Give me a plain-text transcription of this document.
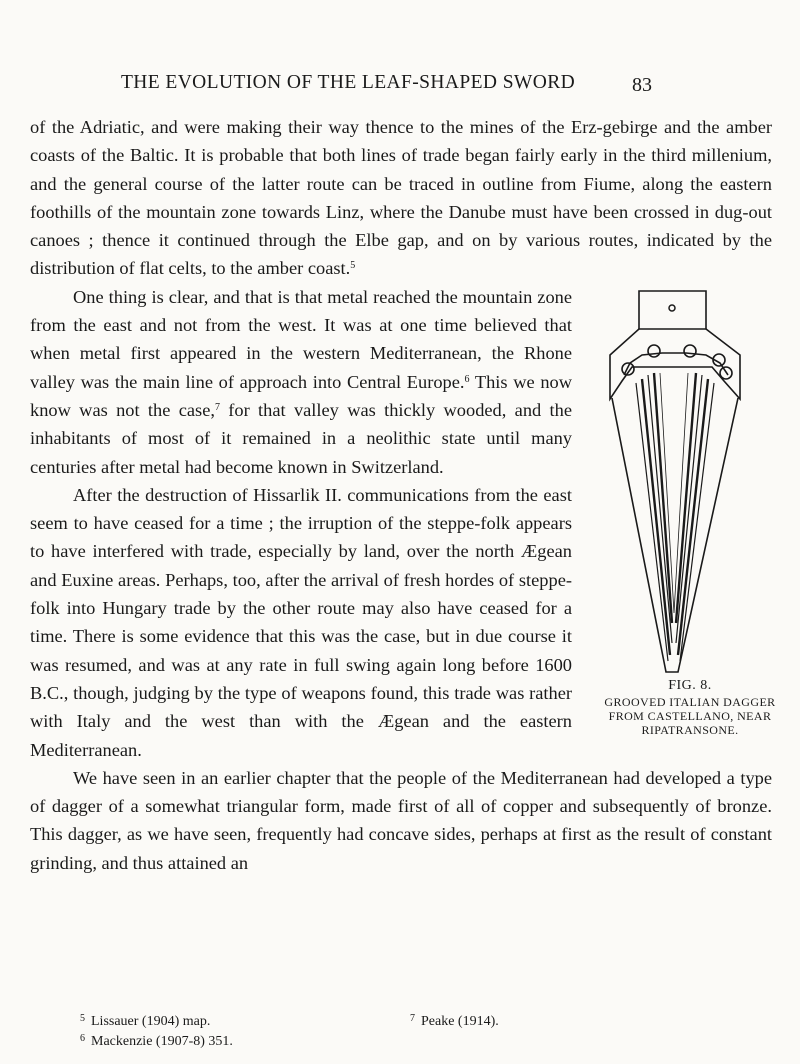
THE EVOLUTION OF THE LEAF-SHAPED SWORD	83

of the Adriatic, and were making their way thence to the mines of the Erz-gebirge and the amber coasts of the Baltic. It is probable that both lines of trade began fairly early in the third millenium, and the general course of the latter route can be traced in outline from Fiume, along the eastern foothills of the mountain zone towards Linz, where the Danube must have been crossed in dug-out canoes ; thence it continued through the Elbe gap, and on by various routes, indicated by the distribution of flat celts, to the amber coast.$^5$

FIG. 8.
GROOVED ITALIAN DAGGER FROM CASTELLANO, NEAR RIPATRANSONE.

One thing is clear, and that is that metal reached the mountain zone from the east and not from the west. It was at one time believed that when metal first appeared in the western Mediterranean, the Rhone valley was the main line of approach into Central Europe.$^6$ This we now know was not the case,$^7$ for that valley was thickly wooded, and the inhabitants of most of it remained in a neolithic state until many centuries after metal had become known in Switzerland.

After the destruction of Hissarlik II. communications from the east seem to have ceased for a time ; the irruption of the steppe-folk appears to have interfered with trade, especially by land, over the north Ægean and Euxine areas. Perhaps, too, after the arrival of fresh hordes of steppe-folk into Hungary trade by the other route may also have ceased for a time. There is some evidence that this was the case, but in due course it was resumed, and was at any rate in full swing again long before 1600 B.C., though, judging by the type of weapons found, this trade was rather with Italy and the west than with the Ægean and the eastern Mediterranean.

We have seen in an earlier chapter that the people of the Mediterranean had developed a type of dagger of a somewhat triangular form, made first of all of copper and subsequently of bronze. This dagger, as we have seen, frequently had concave sides, perhaps at first as the result of constant grinding, and thus attained an

$^5$ Lissauer (1904) map.
$^6$ Mackenzie (1907-8) 351.
$^7$ Peake (1914).
